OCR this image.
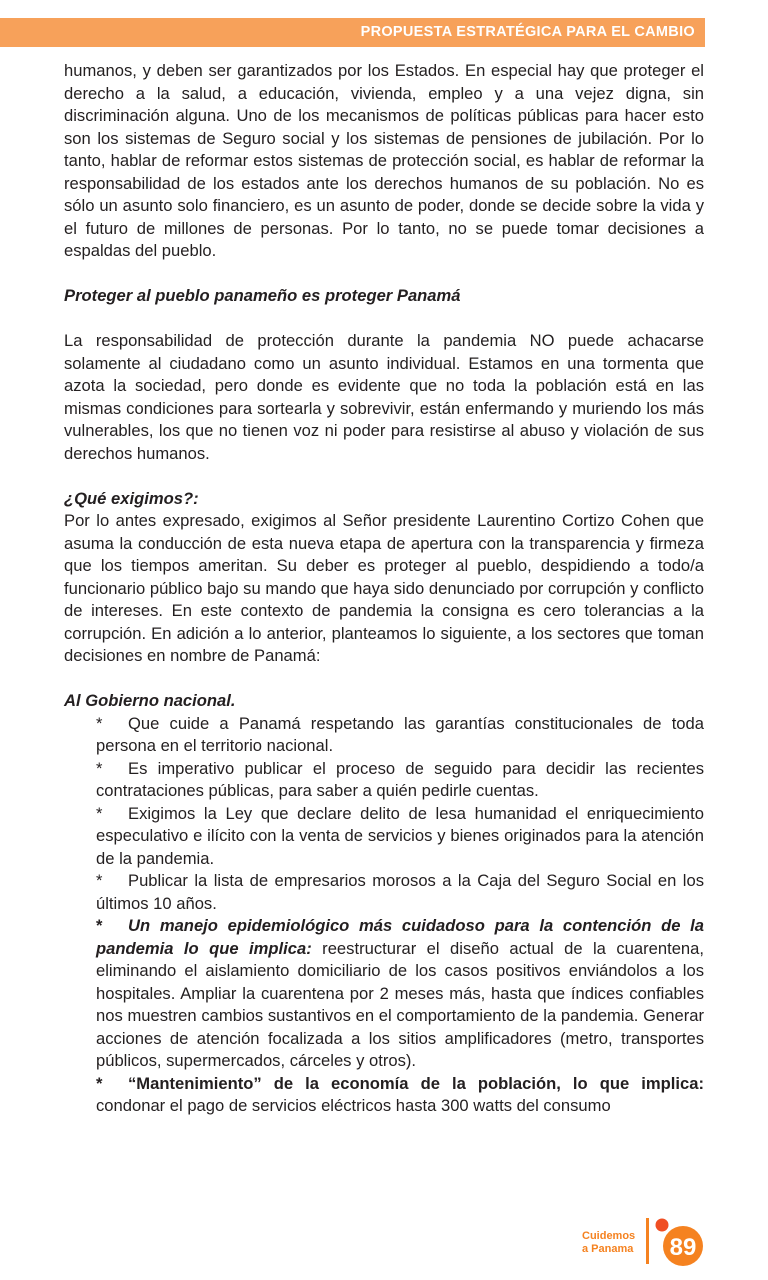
PROPUESTA ESTRATÉGICA PARA EL CAMBIO

humanos, y deben ser garantizados por los Estados. En especial hay que proteger el derecho a la salud, a educación, vivienda, empleo y a una vejez digna, sin discriminación alguna. Uno de los mecanismos de políticas públicas para hacer esto son los sistemas de Seguro social y los sistemas de pensiones de jubilación. Por lo tanto, hablar de reformar estos sistemas de protección social, es hablar de reformar la responsabilidad de los estados ante los derechos humanos de su población. No es sólo un asunto solo financiero, es un asunto de poder, donde se decide sobre la vida y el futuro de millones de personas. Por lo tanto, no se puede tomar decisiones a espaldas del pueblo.

Proteger al pueblo panameño es proteger Panamá

La responsabilidad de protección durante la pandemia NO puede achacarse solamente al ciudadano como un asunto individual. Estamos en una tormenta que azota la sociedad, pero donde es evidente que no toda la población está en las mismas condiciones para sortearla y sobrevivir, están enfermando y muriendo los más vulnerables, los que no tienen voz ni poder para resistirse al abuso y violación de sus derechos humanos.

¿Qué exigimos?:

Por lo antes expresado, exigimos al Señor presidente Laurentino Cortizo Cohen que asuma la conducción de esta nueva etapa de apertura con la transparencia y firmeza que los tiempos ameritan. Su deber es proteger al pueblo, despidiendo a todo/a funcionario público bajo su mando que haya sido denunciado por corrupción y conflicto de intereses. En este contexto de pandemia la consigna es cero tolerancias a la corrupción. En adición a lo anterior, planteamos lo siguiente, a los sectores que toman decisiones en nombre de Panamá:

Al Gobierno nacional.

* Que cuide a Panamá respetando las garantías constitucionales de toda persona en el territorio nacional.
* Es imperativo publicar el proceso de seguido para decidir las recientes contrataciones públicas, para saber a quién pedirle cuentas.
* Exigimos la Ley que declare delito de lesa humanidad el enriquecimiento especulativo e ilícito con la venta de servicios y bienes originados para la atención de la pandemia.
* Publicar la lista de empresarios morosos a la Caja del Seguro Social en los últimos 10 años.
* Un manejo epidemiológico más cuidadoso para la contención de la pandemia lo que implica: reestructurar el diseño actual de la cuarentena, eliminando el aislamiento domiciliario de los casos positivos enviándolos a los hospitales. Ampliar la cuarentena por 2 meses más, hasta que índices confiables nos muestren cambios sustantivos en el comportamiento de la pandemia. Generar acciones de atención focalizada a los sitios amplificadores (metro, transportes públicos, supermercados, cárceles y otros).
* “Mantenimiento” de la economía de la población, lo que implica: condonar el pago de servicios eléctricos hasta 300 watts del consumo
Cuidemos
a Panama 89
